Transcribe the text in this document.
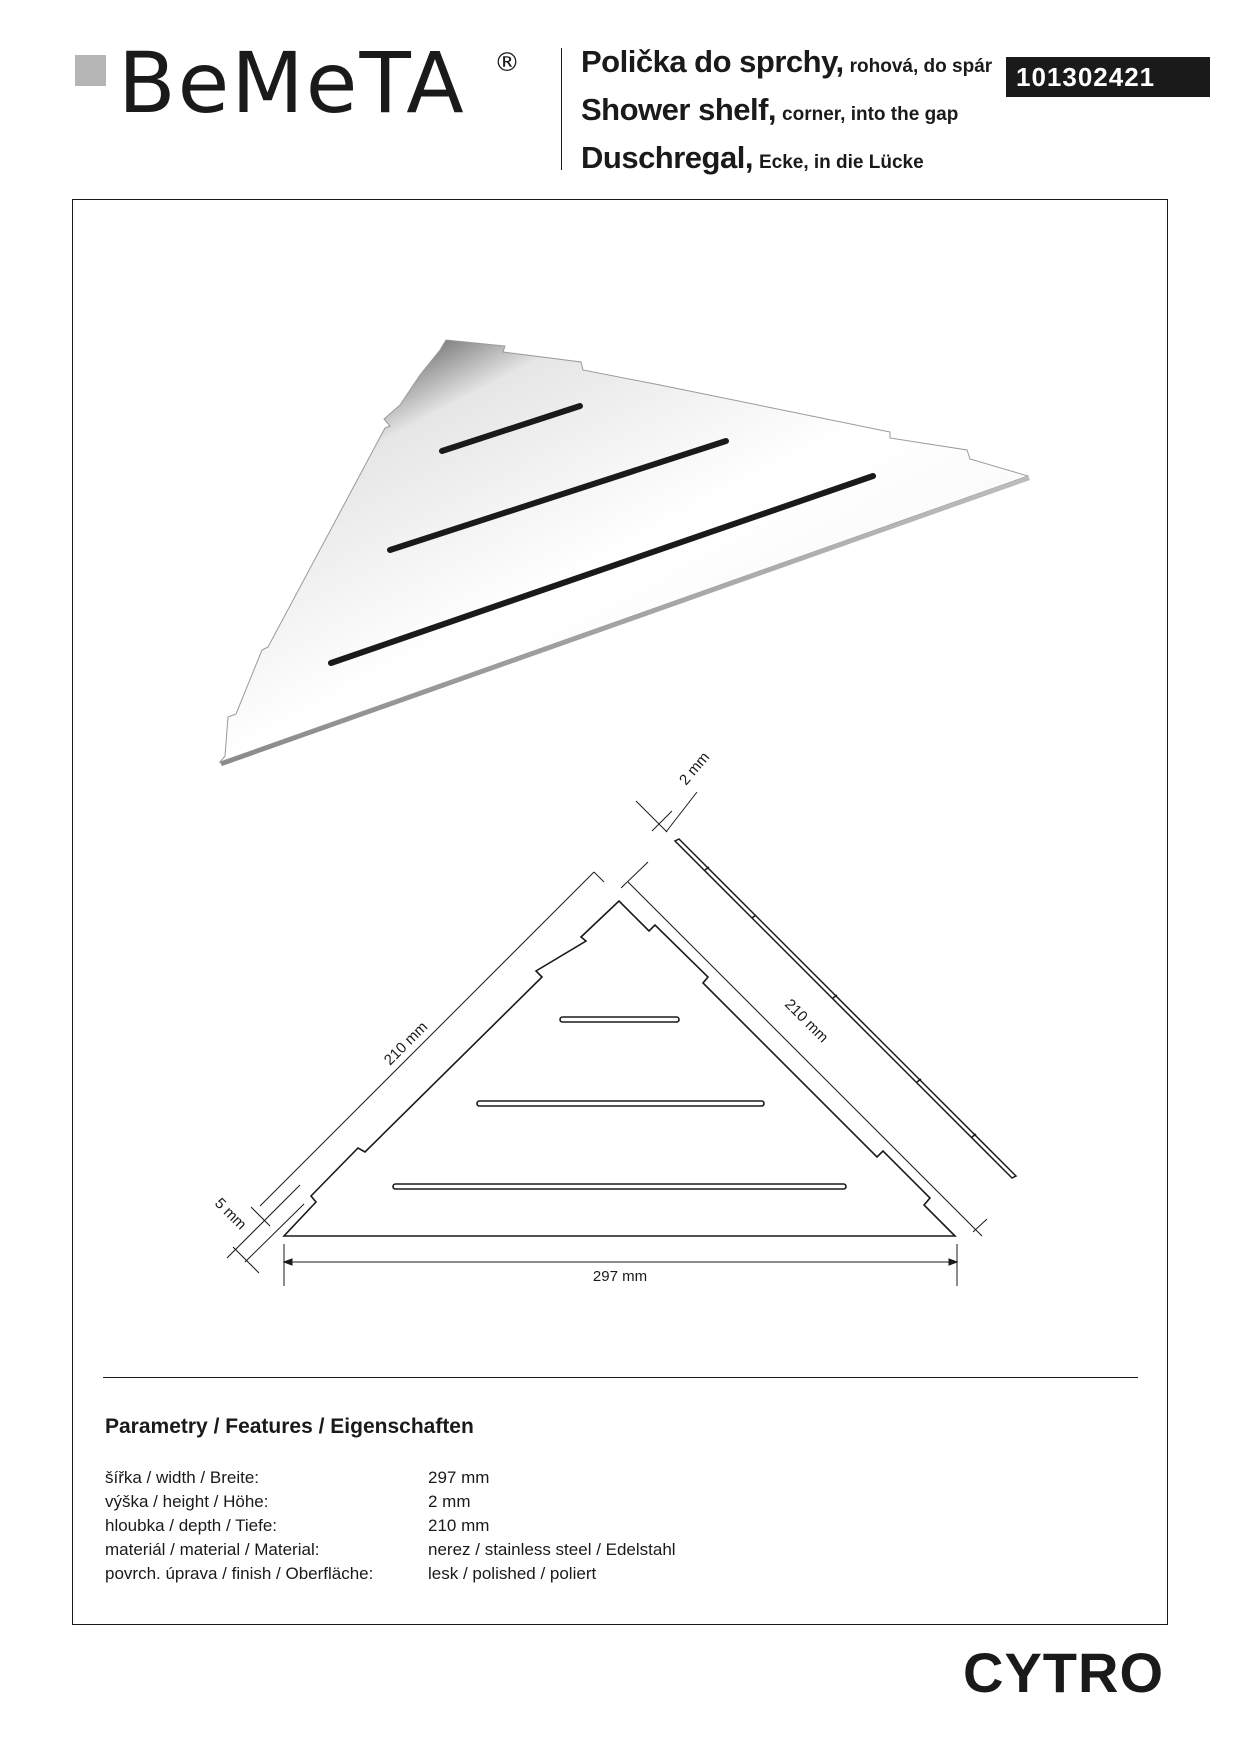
BeMeTA ® Polička do sprchy, rohová, do spár
Shower shelf, corner, into the gap
Duschregal, Ecke, in die Lücke
101302421
2 mm
210 mm
210 mm
5 mm
297 mm
Parametry / Features / Eigenschaften
šířka / width / Breite:	297 mm
výška / height / Höhe:	2 mm
hloubka / depth / Tiefe:	210 mm
materiál / material / Material:	nerez / stainless steel / Edelstahl
povrch. úprava / finish / Oberfläche:	lesk / polished / poliert
CYTRO
